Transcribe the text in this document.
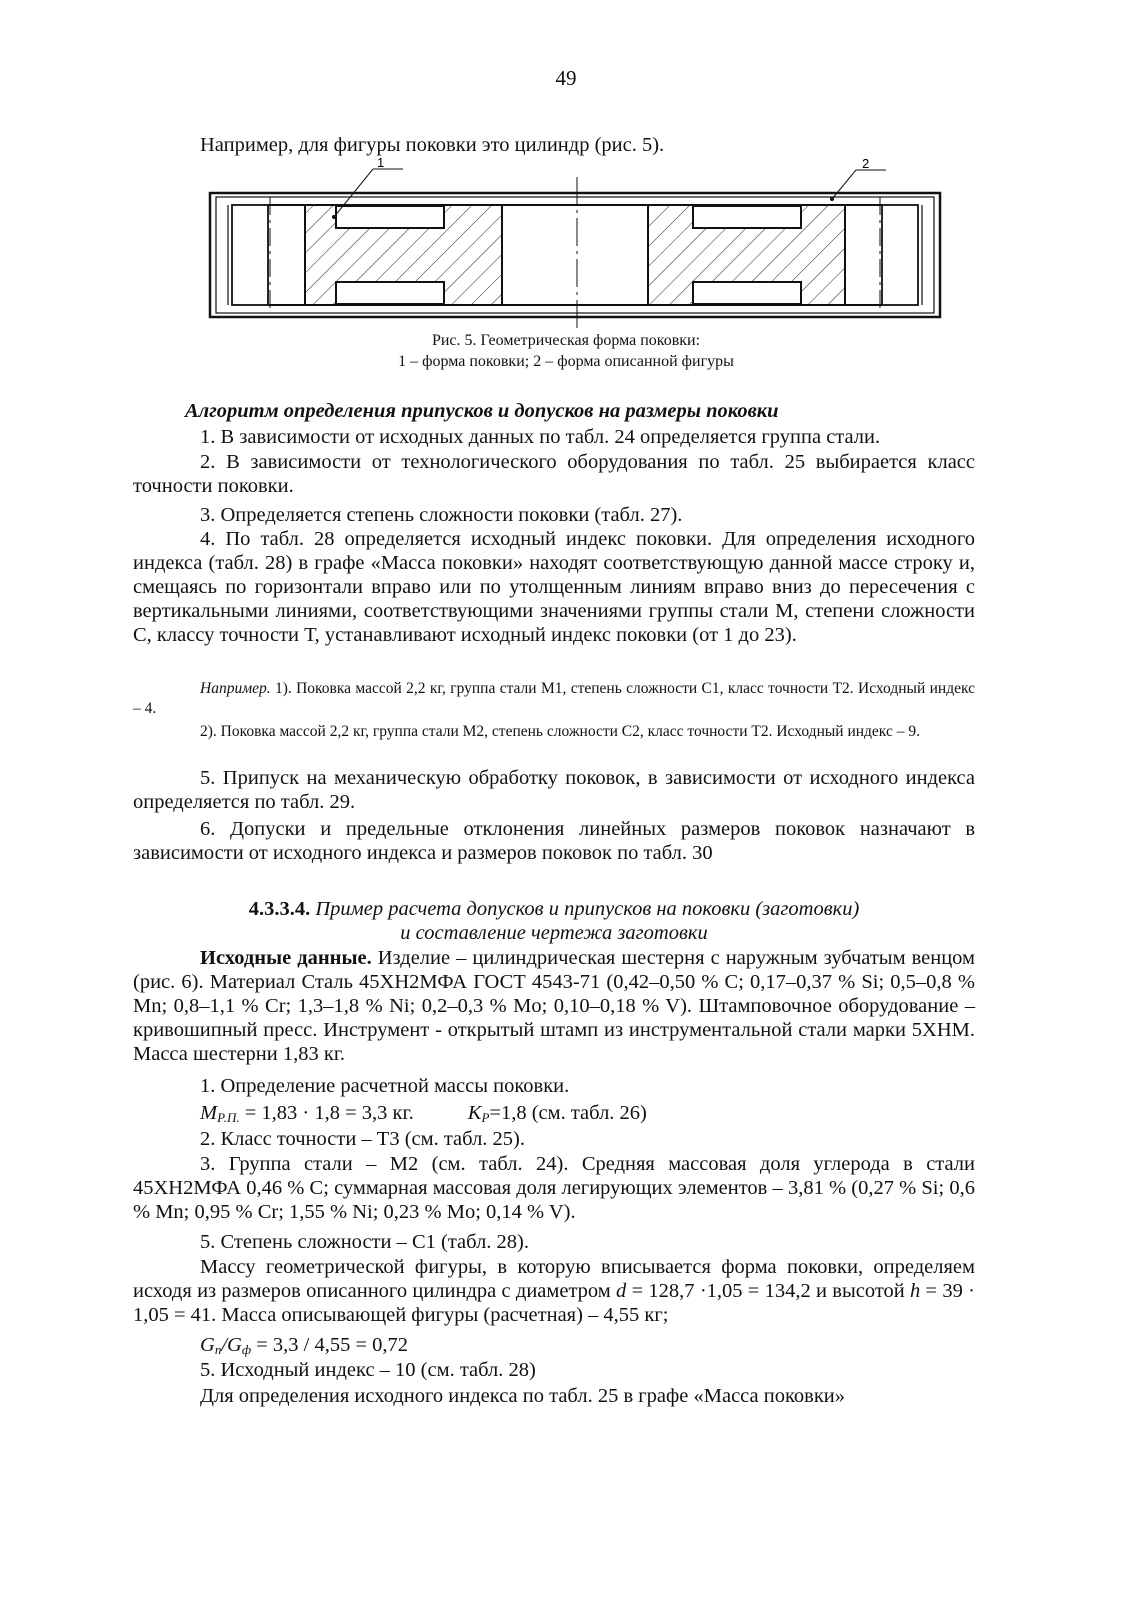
49
Например, для фигуры поковки это цилиндр (рис. 5).
1	2
Рис. 5. Геометрическая форма поковки:
1 – форма поковки; 2 – форма описанной фигуры
Алгоритм определения припусков и допусков на размеры поковки
1. В зависимости от исходных данных по табл. 24 определяется группа стали.
2. В зависимости от технологического оборудования по табл. 25 выбирается класс точности поковки.
3. Определяется степень сложности поковки (табл. 27).
4. По табл. 28 определяется исходный индекс поковки. Для определения исходного индекса (табл. 28) в графе «Масса поковки» находят соответствующую данной массе строку и, смещаясь по горизонтали вправо или по утолщенным линиям вправо вниз до пересечения с вертикальными линиями, соответствующими значениями группы стали М, степени сложности С, классу точности Т, устанавливают исходный индекс поковки (от 1 до 23).
Например. 1). Поковка массой 2,2 кг, группа стали М1, степень сложности С1, класс точности Т2. Исходный индекс – 4.
2). Поковка массой 2,2 кг, группа стали М2, степень сложности С2, класс точности Т2. Исходный индекс – 9.
5. Припуск на механическую обработку поковок, в зависимости от исходного индекса определяется по табл. 29.
6. Допуски и предельные отклонения линейных размеров поковок назначают в зависимости от исходного индекса и размеров поковок по табл. 30
4.3.3.4. Пример расчета допусков и припусков на поковки (заготовки)
и составление чертежа заготовки
Исходные данные. Изделие – цилиндрическая шестерня с наружным зубчатым венцом (рис. 6). Материал Сталь 45ХН2МФА ГОСТ 4543-71 (0,42–0,50 % С; 0,17–0,37 % Si; 0,5–0,8 % Mn; 0,8–1,1 % Cr; 1,3–1,8 % Ni; 0,2–0,3 % Mo; 0,10–0,18 % V). Штамповочное оборудование – кривошипный пресс. Инструмент - открытый штамп из инструментальной стали марки 5ХНМ. Масса шестерни 1,83 кг.
1. Определение расчетной массы поковки.
$M_{Р.П.} = 1,83 \cdot 1,8 = 3,3$ кг.	$K_Р=1,8$ (см. табл. 26)
2. Класс точности – Т3 (см. табл. 25).
3. Группа стали – М2 (см. табл. 24). Средняя массовая доля углерода в стали 45ХН2МФА 0,46 % С; суммарная массовая доля легирующих элементов – 3,81 % (0,27 % Si; 0,6 % Mn; 0,95 % Cr; 1,55 % Ni; 0,23 % Mo; 0,14 % V).
5. Степень сложности – С1 (табл. 28).
Массу геометрической фигуры, в которую вписывается форма поковки, определяем исходя из размеров описанного цилиндра с диаметром d = 128,7 ·1,05 = 134,2 и высотой h = 39 · 1,05 = 41. Масса описывающей фигуры (расчетная) – 4,55 кг;
$G_п/G_ф = 3,3 / 4,55 = 0,72$
5. Исходный индекс – 10 (см. табл. 28)
Для определения исходного индекса по табл. 25 в графе «Масса поковки»
